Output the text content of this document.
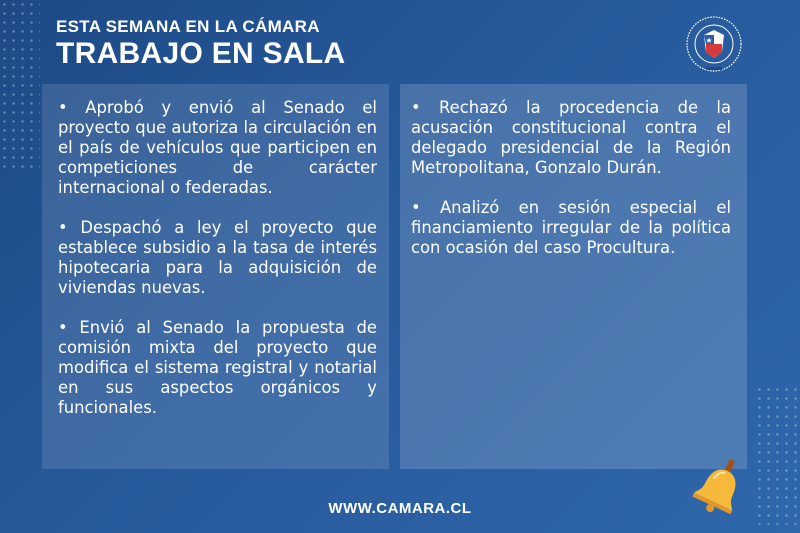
ESTA SEMANA EN LA CÁMARA
TRABAJO EN SALA

• Aprobó y envió al Senado el proyecto que autoriza la circulación en el país de vehículos que participen en competiciones de carácter internacional o federadas.

• Despachó a ley el proyecto que establece subsidio a la tasa de interés hipotecaria para la adquisición de viviendas nuevas.

• Envió al Senado la propuesta de comisión mixta del proyecto que modifica el sistema registral y notarial en sus aspectos orgánicos y funcionales.

• Rechazó la procedencia de la acusación constitucional contra el delegado presidencial de la Región Metropolitana, Gonzalo Durán.

• Analizó en sesión especial el financiamiento irregular de la política con ocasión del caso Procultura.

WWW.CAMARA.CL
